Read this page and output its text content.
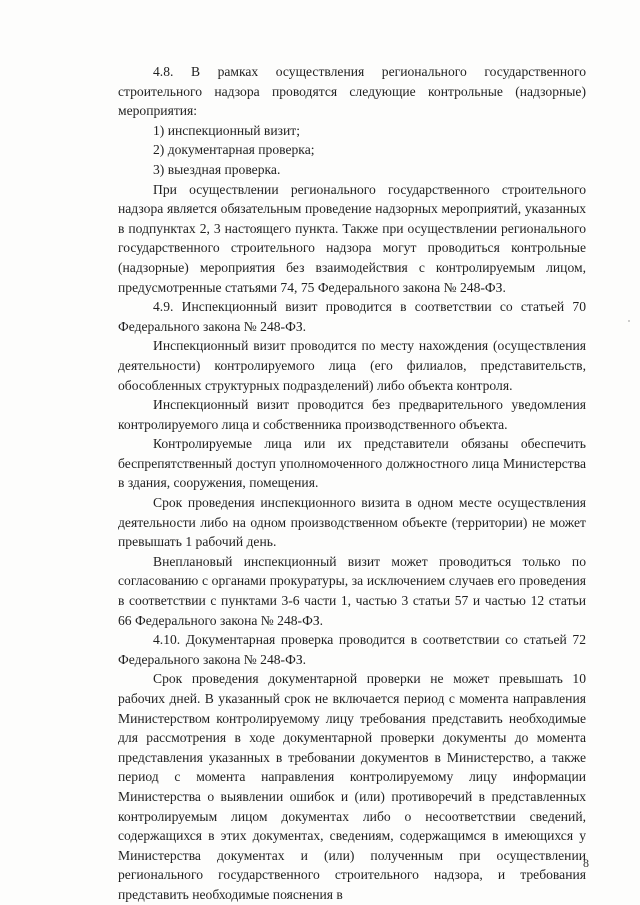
4.8. В рамках осуществления регионального государственного строительного надзора проводятся следующие контрольные (надзорные) мероприятия:

1) инспекционный визит;

2) документарная проверка;

3) выездная проверка.

При осуществлении регионального государственного строительного надзора является обязательным проведение надзорных мероприятий, указанных в подпунктах 2, 3 настоящего пункта. Также при осуществлении регионального государственного строительного надзора могут проводиться контрольные (надзорные) мероприятия без взаимодействия с контролируемым лицом, предусмотренные статьями 74, 75 Федерального закона № 248-ФЗ.

4.9. Инспекционный визит проводится в соответствии со статьей 70 Федерального закона № 248-ФЗ.

Инспекционный визит проводится по месту нахождения (осуществления деятельности) контролируемого лица (его филиалов, представительств, обособленных структурных подразделений) либо объекта контроля.

Инспекционный визит проводится без предварительного уведомления контролируемого лица и собственника производственного объекта.

Контролируемые лица или их представители обязаны обеспечить беспрепятственный доступ уполномоченного должностного лица Министерства в здания, сооружения, помещения.

Срок проведения инспекционного визита в одном месте осуществления деятельности либо на одном производственном объекте (территории) не может превышать 1 рабочий день.

Внеплановый инспекционный визит может проводиться только по согласованию с органами прокуратуры, за исключением случаев его проведения в соответствии с пунктами 3-6 части 1, частью 3 статьи 57 и частью 12 статьи 66 Федерального закона № 248-ФЗ.

4.10. Документарная проверка проводится в соответствии со статьей 72 Федерального закона № 248-ФЗ.

Срок проведения документарной проверки не может превышать 10 рабочих дней. В указанный срок не включается период с момента направления Министерством контролируемому лицу требования представить необходимые для рассмотрения в ходе документарной проверки документы до момента представления указанных в требовании документов в Министерство, а также период с момента направления контролируемому лицу информации Министерства о выявлении ошибок и (или) противоречий в представленных контролируемым лицом документах либо о несоответствии сведений, содержащихся в этих документах, сведениям, содержащимся в имеющихся у Министерства документах и (или) полученным при осуществлении регионального государственного строительного надзора, и требования представить необходимые пояснения в

8
